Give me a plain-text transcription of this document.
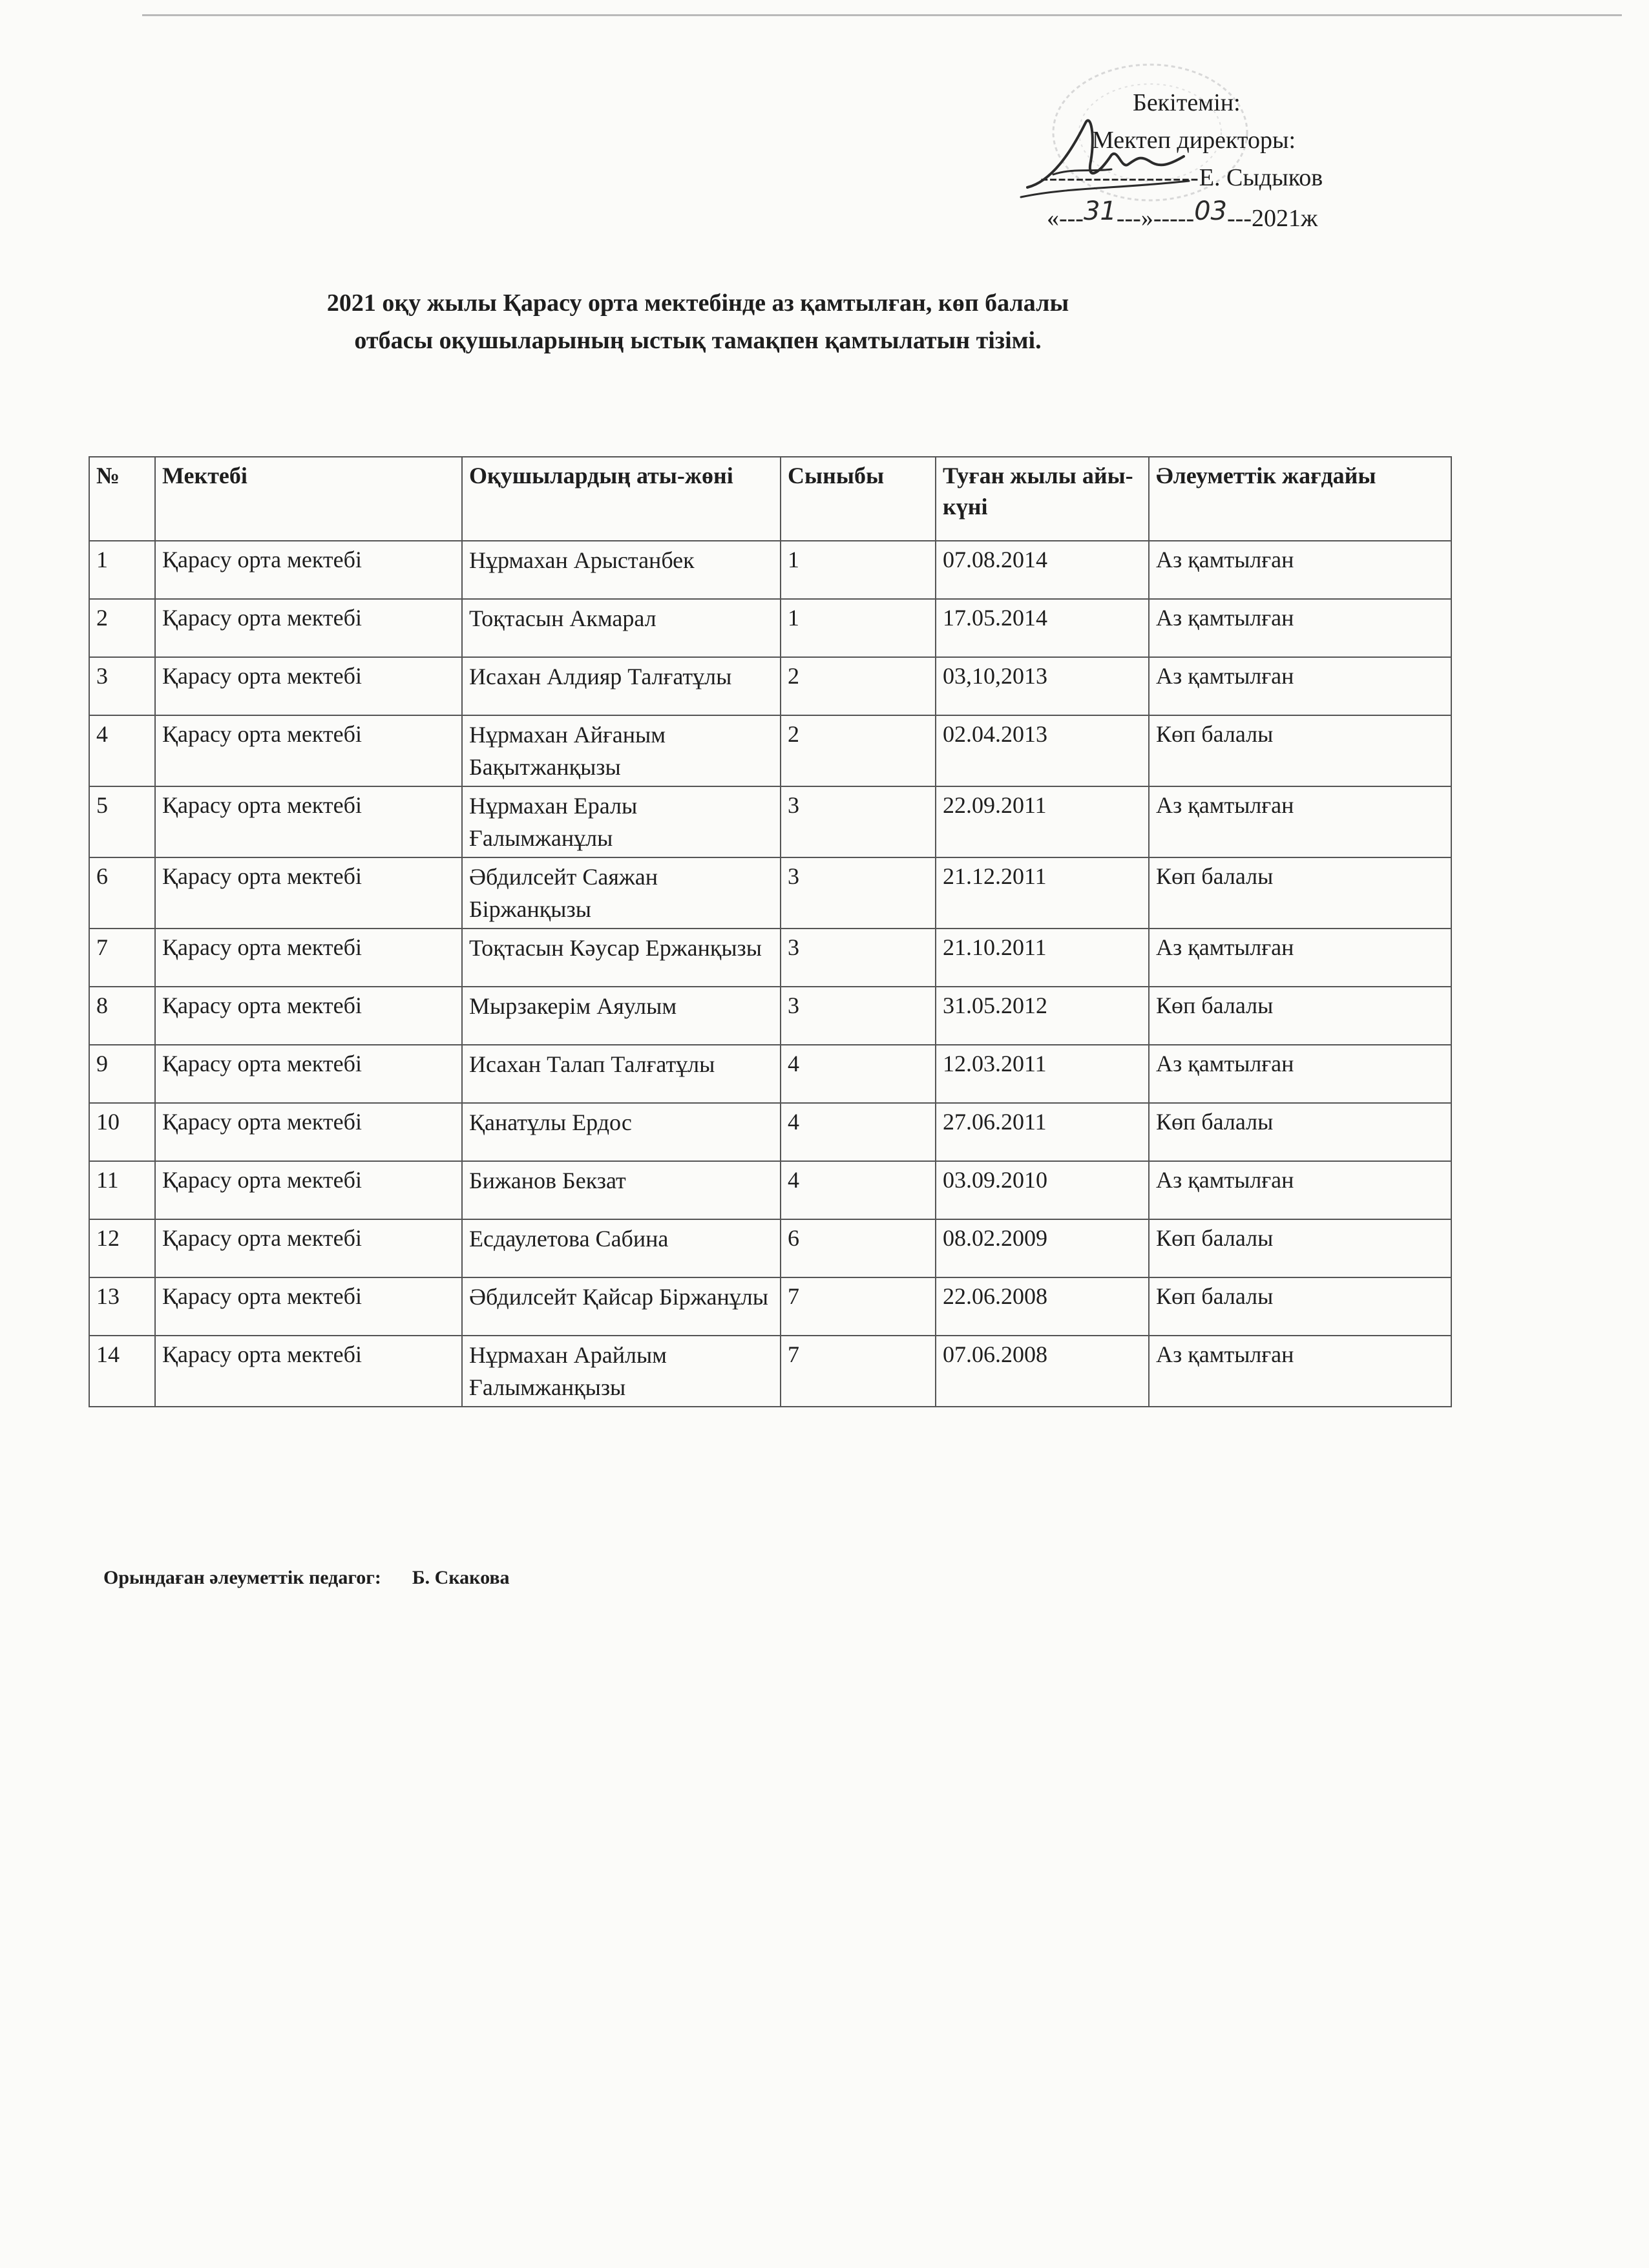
Бекітемін:
Мектеп директоры:
------------------Е. Сыдыков
«---31---»-----03---2021ж
2021 оқу жылы Қарасу орта мектебінде аз қамтылған, көп балалы
отбасы оқушыларының ыстық тамақпен қамтылатын тізімі.
№	Мектебі	Оқушылардың аты-жөні	Сыныбы	Туған жылы айы-күні	Әлеуметтік жағдайы
1	Қарасу орта мектебі	Нұрмахан Арыстанбек	1	07.08.2014	Аз қамтылған
2	Қарасу орта мектебі	Тоқтасын Акмарал	1	17.05.2014	Аз қамтылған
3	Қарасу орта мектебі	Исахан Алдияр Талғатұлы	2	03,10,2013	Аз қамтылған
4	Қарасу орта мектебі	Нұрмахан Айғаным Бақытжанқызы	2	02.04.2013	Көп балалы
5	Қарасу орта мектебі	Нұрмахан Ералы Ғалымжанұлы	3	22.09.2011	Аз қамтылған
6	Қарасу орта мектебі	Әбдилсейт Саяжан Біржанқызы	3	21.12.2011	Көп балалы
7	Қарасу орта мектебі	Тоқтасын Кәусар Ержанқызы	3	21.10.2011	Аз қамтылған
8	Қарасу орта мектебі	Мырзакерім Аяулым	3	31.05.2012	Көп балалы
9	Қарасу орта мектебі	Исахан Талап Талғатұлы	4	12.03.2011	Аз қамтылған
10	Қарасу орта мектебі	Қанатұлы Ердос	4	27.06.2011	Көп балалы
11	Қарасу орта мектебі	Бижанов Бекзат	4	03.09.2010	Аз қамтылған
12	Қарасу орта мектебі	Есдаулетова Сабина	6	08.02.2009	Көп балалы
13	Қарасу орта мектебі	Әбдилсейт Қайсар Біржанұлы	7	22.06.2008	Көп балалы
14	Қарасу орта мектебі	Нұрмахан Арайлым Ғалымжанқызы	7	07.06.2008	Аз қамтылған
Орындаған әлеуметтік педагог: Б. Скакова
